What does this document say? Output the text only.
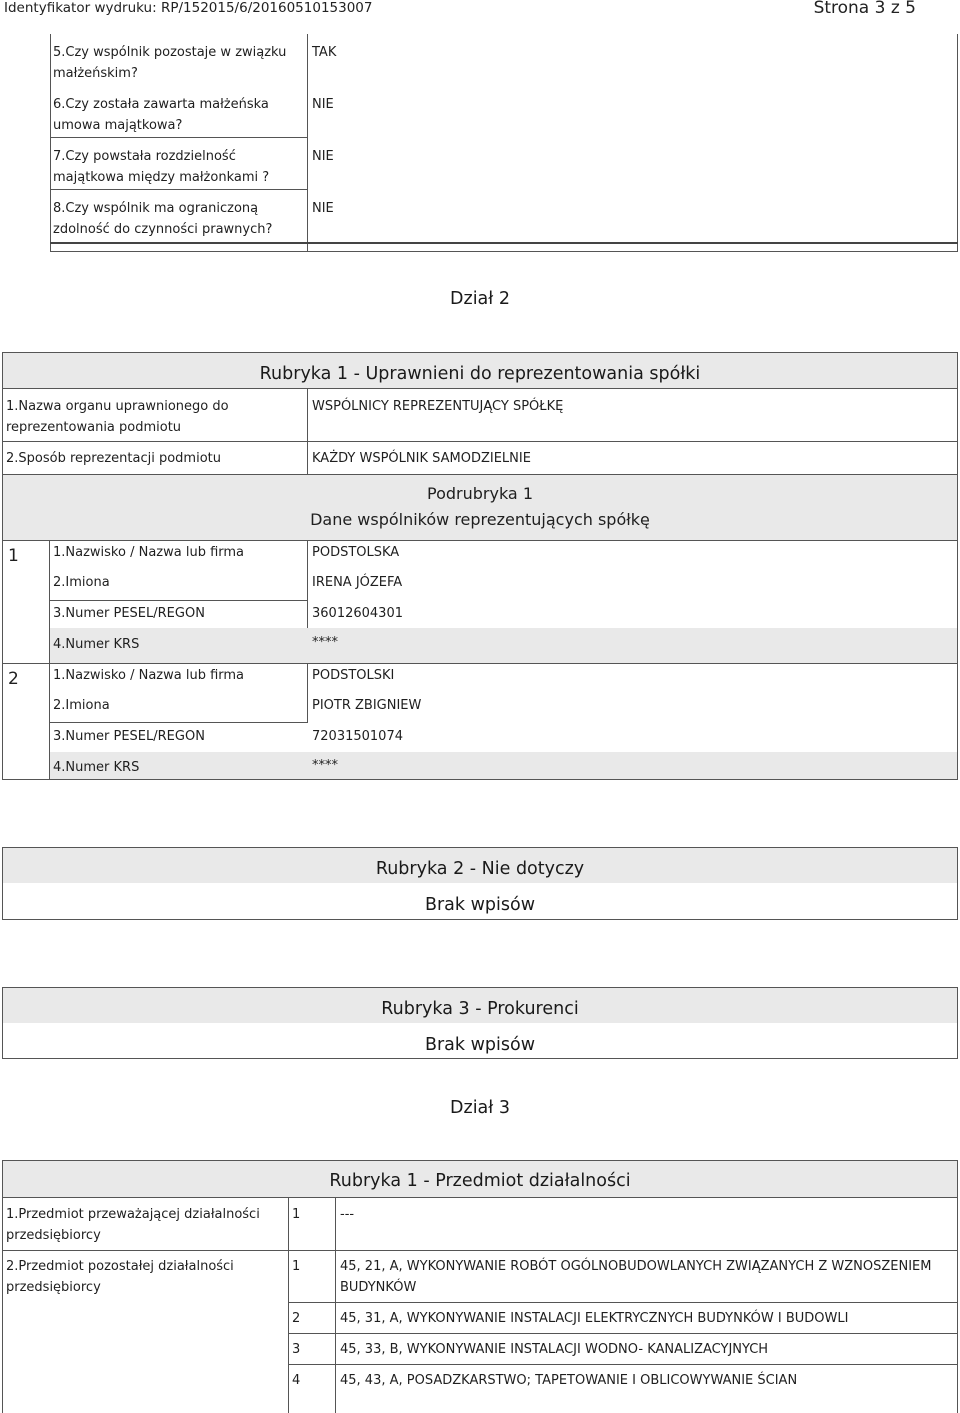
Identyfikator wydruku: RP/152015/6/20160510153007	Strona 3 z 5
5.Czy wspólnik pozostaje w związku małżeńskim?
TAK
6.Czy została zawarta małżeńska umowa majątkowa?
NIE
7.Czy powstała rozdzielność majątkowa między małżonkami ?
NIE
8.Czy wspólnik ma ograniczoną zdolność do czynności prawnych?
NIE
Dział 2
Rubryka 1 - Uprawnieni do reprezentowania spółki
1.Nazwa organu uprawnionego do reprezentowania podmiotu
WSPÓLNICY REPREZENTUJĄCY SPÓŁKĘ
2.Sposób reprezentacji podmiotu	KAŻDY WSPÓLNIK SAMODZIELNIE
Podrubryka 1
Dane wspólników reprezentujących spółkę
1	1.Nazwisko / Nazwa lub firma	PODSTOLSKA
2.Imiona	IRENA JÓZEFA
3.Numer PESEL/REGON	36012604301
4.Numer KRS	****
2	1.Nazwisko / Nazwa lub firma	PODSTOLSKI
2.Imiona	PIOTR ZBIGNIEW
3.Numer PESEL/REGON	72031501074
4.Numer KRS	****
Rubryka 2 - Nie dotyczy
Brak wpisów
Rubryka 3 - Prokurenci
Brak wpisów
Dział 3
Rubryka 1 - Przedmiot działalności
1.Przedmiot przeważającej działalności przedsiębiorcy
1	---
2.Przedmiot pozostałej działalności przedsiębiorcy
1	45, 21, A, WYKONYWANIE ROBÓT OGÓLNOBUDOWLANYCH ZWIĄZANYCH Z WZNOSZENIEM BUDYNKÓW
2	45, 31, A, WYKONYWANIE INSTALACJI ELEKTRYCZNYCH BUDYNKÓW I BUDOWLI
3	45, 33, B, WYKONYWANIE INSTALACJI WODNO- KANALIZACYJNYCH
4	45, 43, A, POSADZKARSTWO; TAPETOWANIE I OBLICOWYWANIE ŚCIAN
